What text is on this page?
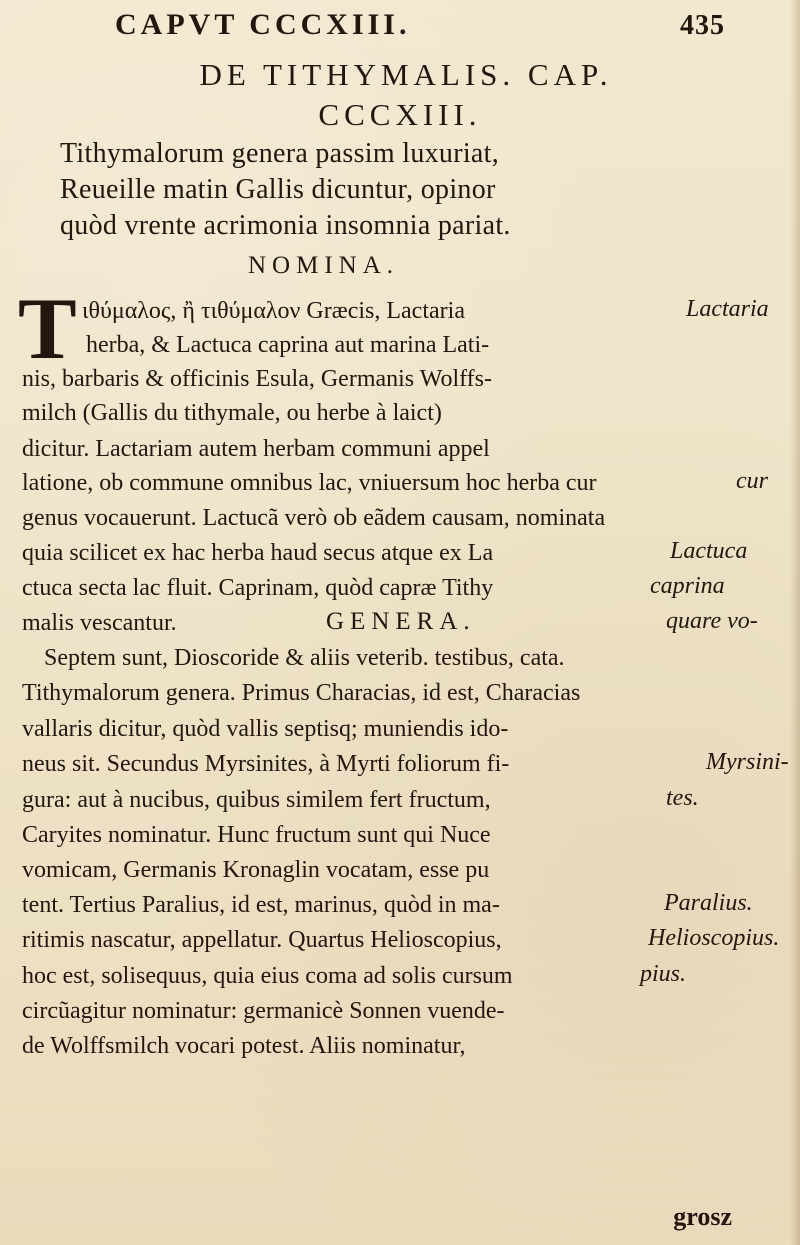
CAPVT CCCXIII.	435
DE TITHYMALIS. CAP.
CCCXIII.
Tithymalorum genera passim luxuriat,
Reueille matin Gallis dicuntur, opinor
quòd vrente acrimonia insomnia pariat.
NOMINA.
T ιθύμαλος, ἢ τιθύμαλον Græcis, Lactaria
herba, & Lactuca caprina aut marina Lati-
nis, barbaris & officinis Esula, Germanis Wolffs-
milch (Gallis du tithymale, ou herbe à laict)
dicitur. Lactariam autem herbam communi appel
latione, ob commune omnibus lac, vniuersum hoc herba cur
genus vocauerunt. Lactucã verò ob eãdem causam, nominata
quia scilicet ex hac herba haud secus atque ex La
ctuca secta lac fluit. Caprinam, quòd capræ Tithy
malis vescantur.	GENERA.
Septem sunt, Dioscoride & aliis veterib. testibus, cata.
Tithymalorum genera. Primus Characias, id est, Characias
vallaris dicitur, quòd vallis septisq; muniendis ido-
neus sit. Secundus Myrsinites, à Myrti foliorum fi-
gura: aut à nucibus, quibus similem fert fructum,
Caryites nominatur. Hunc fructum sunt qui Nuce
vomicam, Germanis Kronaglin vocatam, esse pu
tent. Tertius Paralius, id est, marinus, quòd in ma-
ritimis nascatur, appellatur. Quartus Helioscopius,
hoc est, solisequus, quia eius coma ad solis cursum
circũagitur nominatur: germanicè Sonnen vuende-
de Wolffsmilch vocari potest. Aliis nominatur,
Lactaria
cur
Lactuca
caprina
quare vo-
Myrsini-
tes.
Paralius.
Helioscopius.
pius.
grosz
